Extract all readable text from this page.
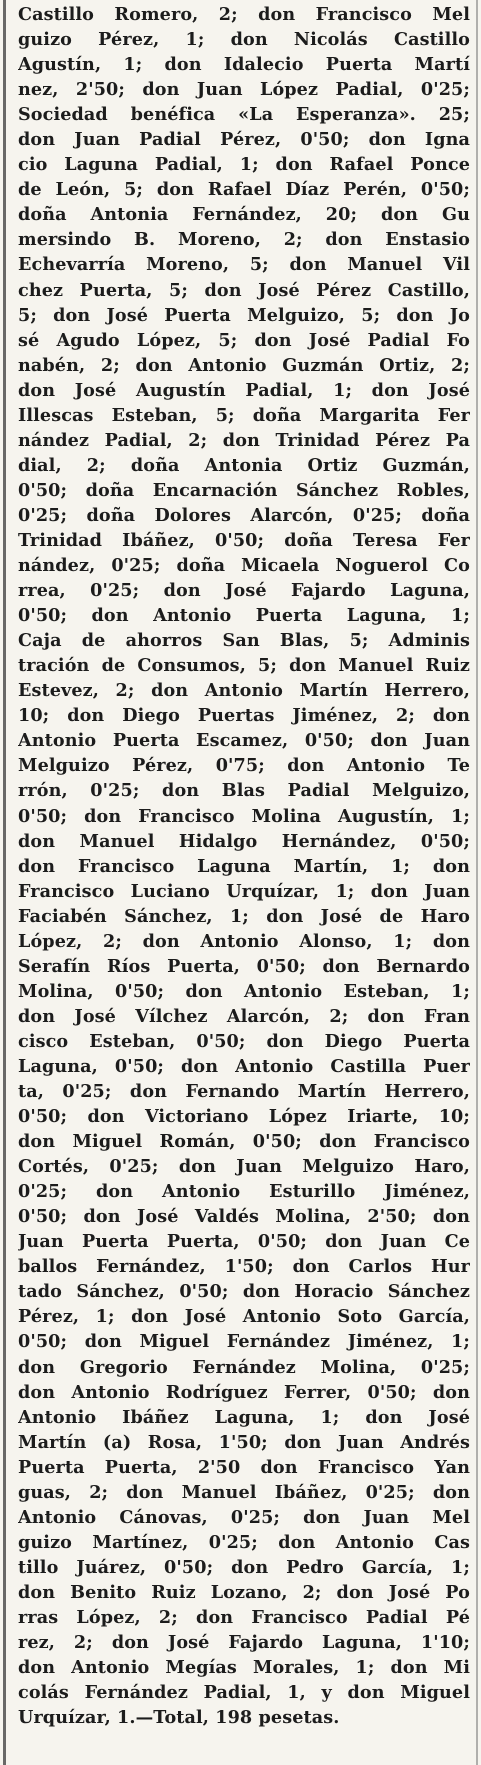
Castillo Romero, 2; don Francisco Mel
guizo Pérez, 1; don Nicolás Castillo
Agustín, 1; don Idalecio Puerta Martí
nez, 2'50; don Juan López Padial, 0'25;
Sociedad benéfica «La Esperanza». 25;
don Juan Padial Pérez, 0'50; don Igna
cio Laguna Padial, 1; don Rafael Ponce
de León, 5; don Rafael Díaz Perén, 0'50;
doña Antonia Fernández, 20; don Gu
mersindo B. Moreno, 2; don Enstasio
Echevarría Moreno, 5; don Manuel Vil
chez Puerta, 5; don José Pérez Castillo,
5; don José Puerta Melguizo, 5; don Jo
sé Agudo López, 5; don José Padial Fo
nabén, 2; don Antonio Guzmán Ortiz, 2;
don José Augustín Padial, 1; don José
Illescas Esteban, 5; doña Margarita Fer
nández Padial, 2; don Trinidad Pérez Pa
dial, 2; doña Antonia Ortiz Guzmán,
0'50; doña Encarnación Sánchez Robles,
0'25; doña Dolores Alarcón, 0'25; doña
Trinidad Ibáñez, 0'50; doña Teresa Fer
nández, 0'25; doña Micaela Noguerol Co
rrea, 0'25; don José Fajardo Laguna,
0'50; don Antonio Puerta Laguna, 1;
Caja de ahorros San Blas, 5; Adminis
tración de Consumos, 5; don Manuel Ruiz
Estevez, 2; don Antonio Martín Herrero,
10; don Diego Puertas Jiménez, 2; don
Antonio Puerta Escamez, 0'50; don Juan
Melguizo Pérez, 0'75; don Antonio Te
rrón, 0'25; don Blas Padial Melguizo,
0'50; don Francisco Molina Augustín, 1;
don Manuel Hidalgo Hernández, 0'50;
don Francisco Laguna Martín, 1; don
Francisco Luciano Urquízar, 1; don Juan
Faciabén Sánchez, 1; don José de Haro
López, 2; don Antonio Alonso, 1; don
Serafín Ríos Puerta, 0'50; don Bernardo
Molina, 0'50; don Antonio Esteban, 1;
don José Vílchez Alarcón, 2; don Fran
cisco Esteban, 0'50; don Diego Puerta
Laguna, 0'50; don Antonio Castilla Puer
ta, 0'25; don Fernando Martín Herrero,
0'50; don Victoriano López Iriarte, 10;
don Miguel Román, 0'50; don Francisco
Cortés, 0'25; don Juan Melguizo Haro,
0'25; don Antonio Esturillo Jiménez,
0'50; don José Valdés Molina, 2'50; don
Juan Puerta Puerta, 0'50; don Juan Ce
ballos Fernández, 1'50; don Carlos Hur
tado Sánchez, 0'50; don Horacio Sánchez
Pérez, 1; don José Antonio Soto García,
0'50; don Miguel Fernández Jiménez, 1;
don Gregorio Fernández Molina, 0'25;
don Antonio Rodríguez Ferrer, 0'50; don
Antonio Ibáñez Laguna, 1; don José
Martín (a) Rosa, 1'50; don Juan Andrés
Puerta Puerta, 2'50 don Francisco Yan
guas, 2; don Manuel Ibáñez, 0'25; don
Antonio Cánovas, 0'25; don Juan Mel
guizo Martínez, 0'25; don Antonio Cas
tillo Juárez, 0'50; don Pedro García, 1;
don Benito Ruiz Lozano, 2; don José Po
rras López, 2; don Francisco Padial Pé
rez, 2; don José Fajardo Laguna, 1'10;
don Antonio Megías Morales, 1; don Mi
colás Fernández Padial, 1, y don Miguel
Urquízar, 1.—Total, 198 pesetas.
